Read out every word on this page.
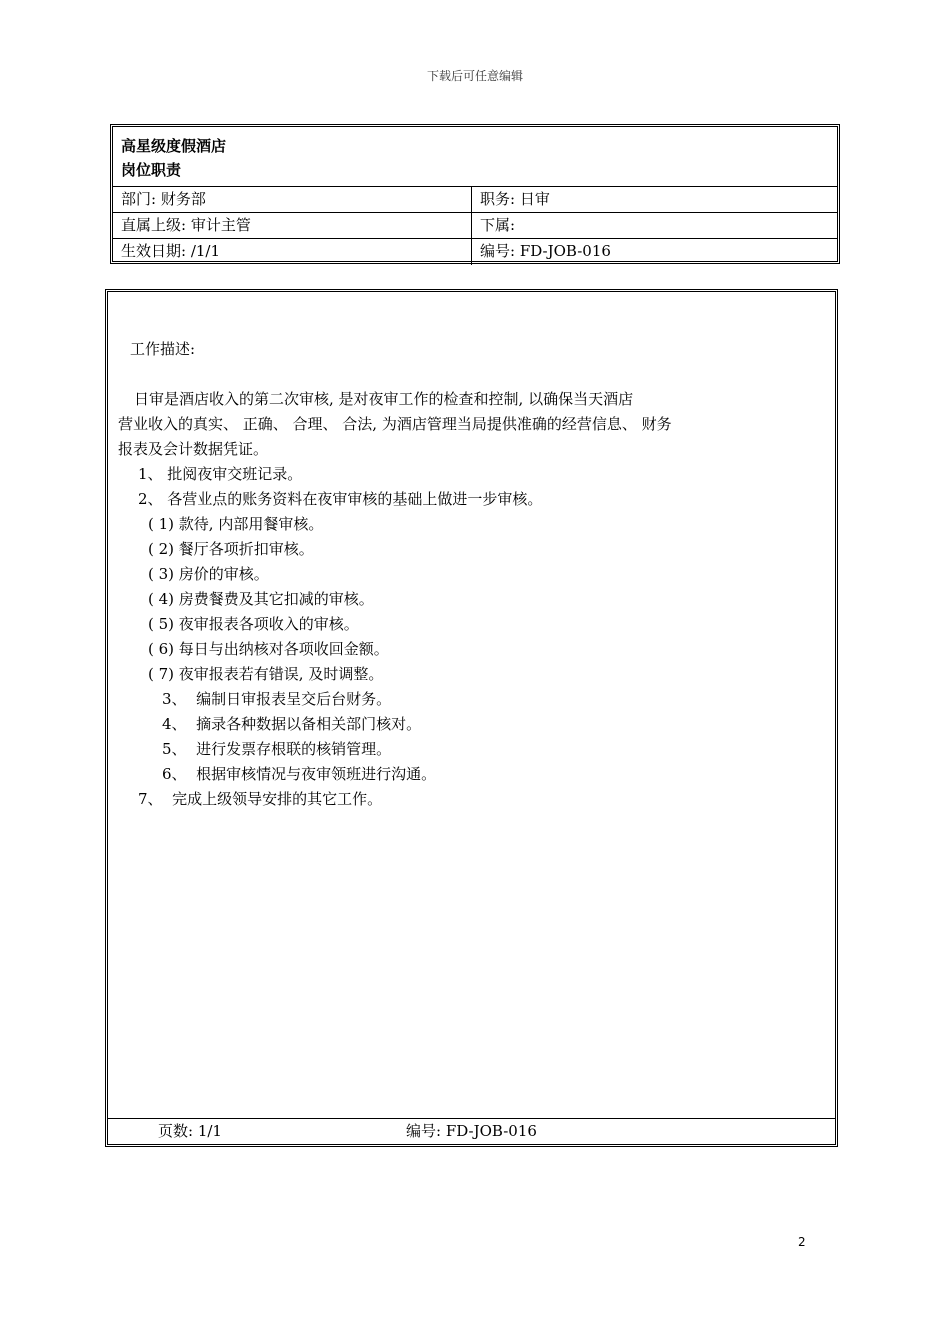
下载后可任意编辑
高星级度假酒店
岗位职责
部门: 财务部	职务: 日审
直属上级: 审计主管	下属:
生效日期: /1/1	编号: FD-JOB-016
工作描述:
日审是酒店收入的第二次审核, 是对夜审工作的检查和控制, 以确保当天酒店
营业收入的真实、 正确、 合理、 合法, 为酒店管理当局提供准确的经营信息、 财务
报表及会计数据凭证。
1、 批阅夜审交班记录。
2、 各营业点的账务资料在夜审审核的基础上做进一步审核。
( 1) 款待, 内部用餐审核。
( 2) 餐厅各项折扣审核。
( 3) 房价的审核。
( 4) 房费餐费及其它扣减的审核。
( 5) 夜审报表各项收入的审核。
( 6) 每日与出纳核对各项收回金额。
( 7) 夜审报表若有错误, 及时调整。
3、  编制日审报表呈交后台财务。
4、  摘录各种数据以备相关部门核对。
5、  进行发票存根联的核销管理。
6、  根据审核情况与夜审领班进行沟通。
7、  完成上级领导安排的其它工作。
页数: 1/1	编号: FD-JOB-016
2
